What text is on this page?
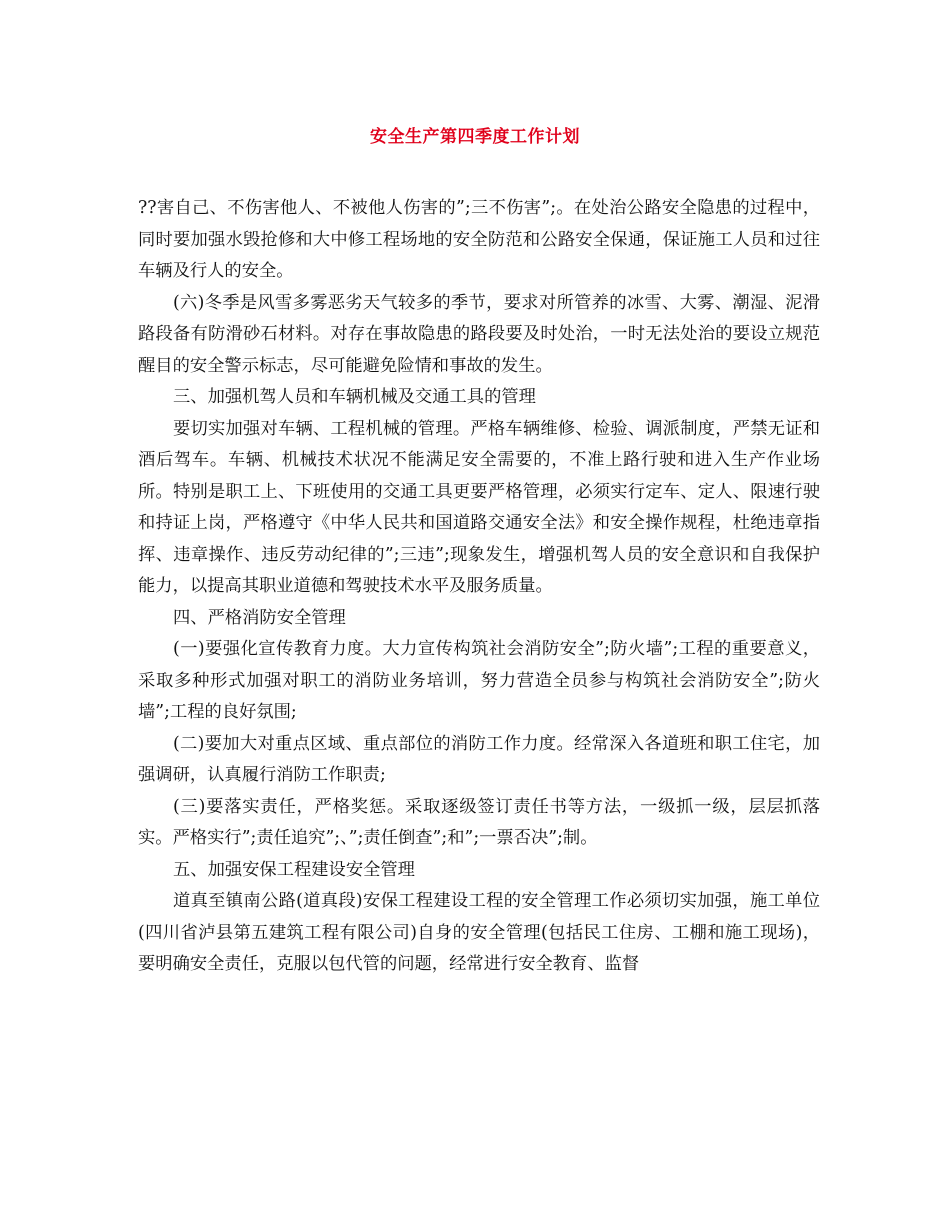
安全生产第四季度工作计划

??害自己、不伤害他人、不被他人伤害的”;三不伤害”;。在处治公路安全隐患的过程中，同时要加强水毁抢修和大中修工程场地的安全防范和公路安全保通，保证施工人员和过往车辆及行人的安全。

(六)冬季是风雪多雾恶劣天气较多的季节，要求对所管养的冰雪、大雾、潮湿、泥滑路段备有防滑砂石材料。对存在事故隐患的路段要及时处治，一时无法处治的要设立规范醒目的安全警示标志，尽可能避免险情和事故的发生。

三、加强机驾人员和车辆机械及交通工具的管理

要切实加强对车辆、工程机械的管理。严格车辆维修、检验、调派制度，严禁无证和酒后驾车。车辆、机械技术状况不能满足安全需要的，不准上路行驶和进入生产作业场所。特别是职工上、下班使用的交通工具更要严格管理，必须实行定车、定人、限速行驶和持证上岗，严格遵守《中华人民共和国道路交通安全法》和安全操作规程，杜绝违章指挥、违章操作、违反劳动纪律的”;三违”;现象发生，增强机驾人员的安全意识和自我保护能力，以提高其职业道德和驾驶技术水平及服务质量。

四、严格消防安全管理

(一)要强化宣传教育力度。大力宣传构筑社会消防安全”;防火墙”;工程的重要意义，采取多种形式加强对职工的消防业务培训，努力营造全员参与构筑社会消防安全”;防火墙”;工程的良好氛围;

(二)要加大对重点区域、重点部位的消防工作力度。经常深入各道班和职工住宅，加强调研，认真履行消防工作职责;

(三)要落实责任，严格奖惩。采取逐级签订责任书等方法，一级抓一级，层层抓落实。严格实行”;责任追究”;、”;责任倒查”;和”;一票否决”;制。

五、加强安保工程建设安全管理

道真至镇南公路(道真段)安保工程建设工程的安全管理工作必须切实加强，施工单位(四川省泸县第五建筑工程有限公司)自身的安全管理(包括民工住房、工棚和施工现场)，要明确安全责任，克服以包代管的问题，经常进行安全教育、监督
